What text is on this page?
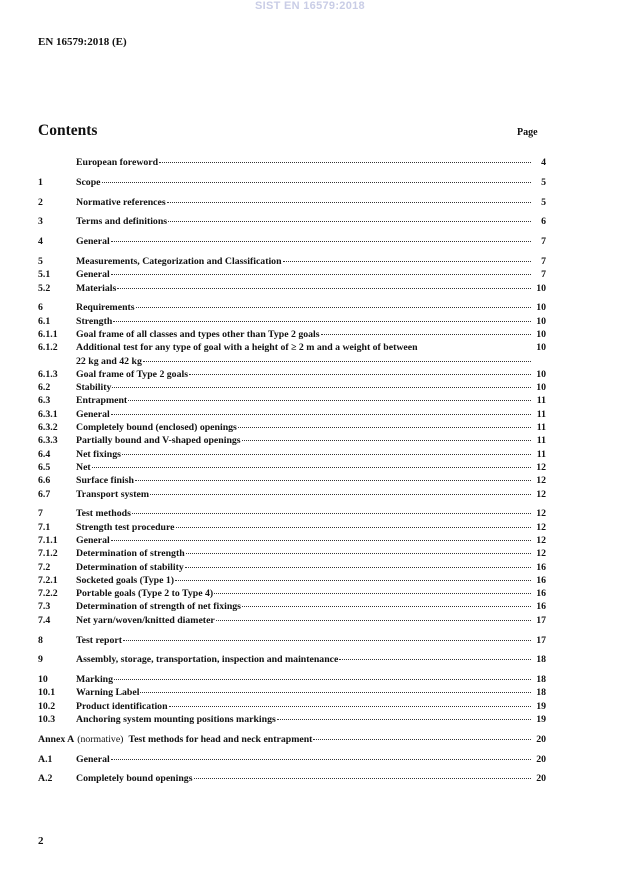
SIST EN 16579:2018
EN 16579:2018 (E)
Contents	Page
European foreword	4
1	Scope	5
2	Normative references	5
3	Terms and definitions	6
4	General	7
5	Measurements, Categorization and Classification	7
5.1	General	7
5.2	Materials	10
6	Requirements	10
6.1	Strength	10
6.1.1	Goal frame of all classes and types other than Type 2 goals	10
6.1.2	Additional test for any type of goal with a height of ≥ 2 m and a weight of between
22 kg and 42 kg
10
6.1.3	Goal frame of Type 2 goals	10
6.2	Stability	10
6.3	Entrapment	11
6.3.1	General	11
6.3.2	Completely bound (enclosed) openings	11
6.3.3	Partially bound and V-shaped openings	11
6.4	Net fixings	11
6.5	Net	12
6.6	Surface finish	12
6.7	Transport system	12
7	Test methods	12
7.1	Strength test procedure	12
7.1.1	General	12
7.1.2	Determination of strength	12
7.2	Determination of stability	16
7.2.1	Socketed goals (Type 1)	16
7.2.2	Portable goals (Type 2 to Type 4)	16
7.3	Determination of strength of net fixings	16
7.4	Net yarn/woven/knitted diameter	17
8	Test report	17
9	Assembly, storage, transportation, inspection and maintenance	18
10	Marking	18
10.1	Warning Label	18
10.2	Product identification	19
10.3	Anchoring system mounting positions markings	19
Annex A (normative) Test methods for head and neck entrapment	20
A.1	General	20
A.2	Completely bound openings	20
2
